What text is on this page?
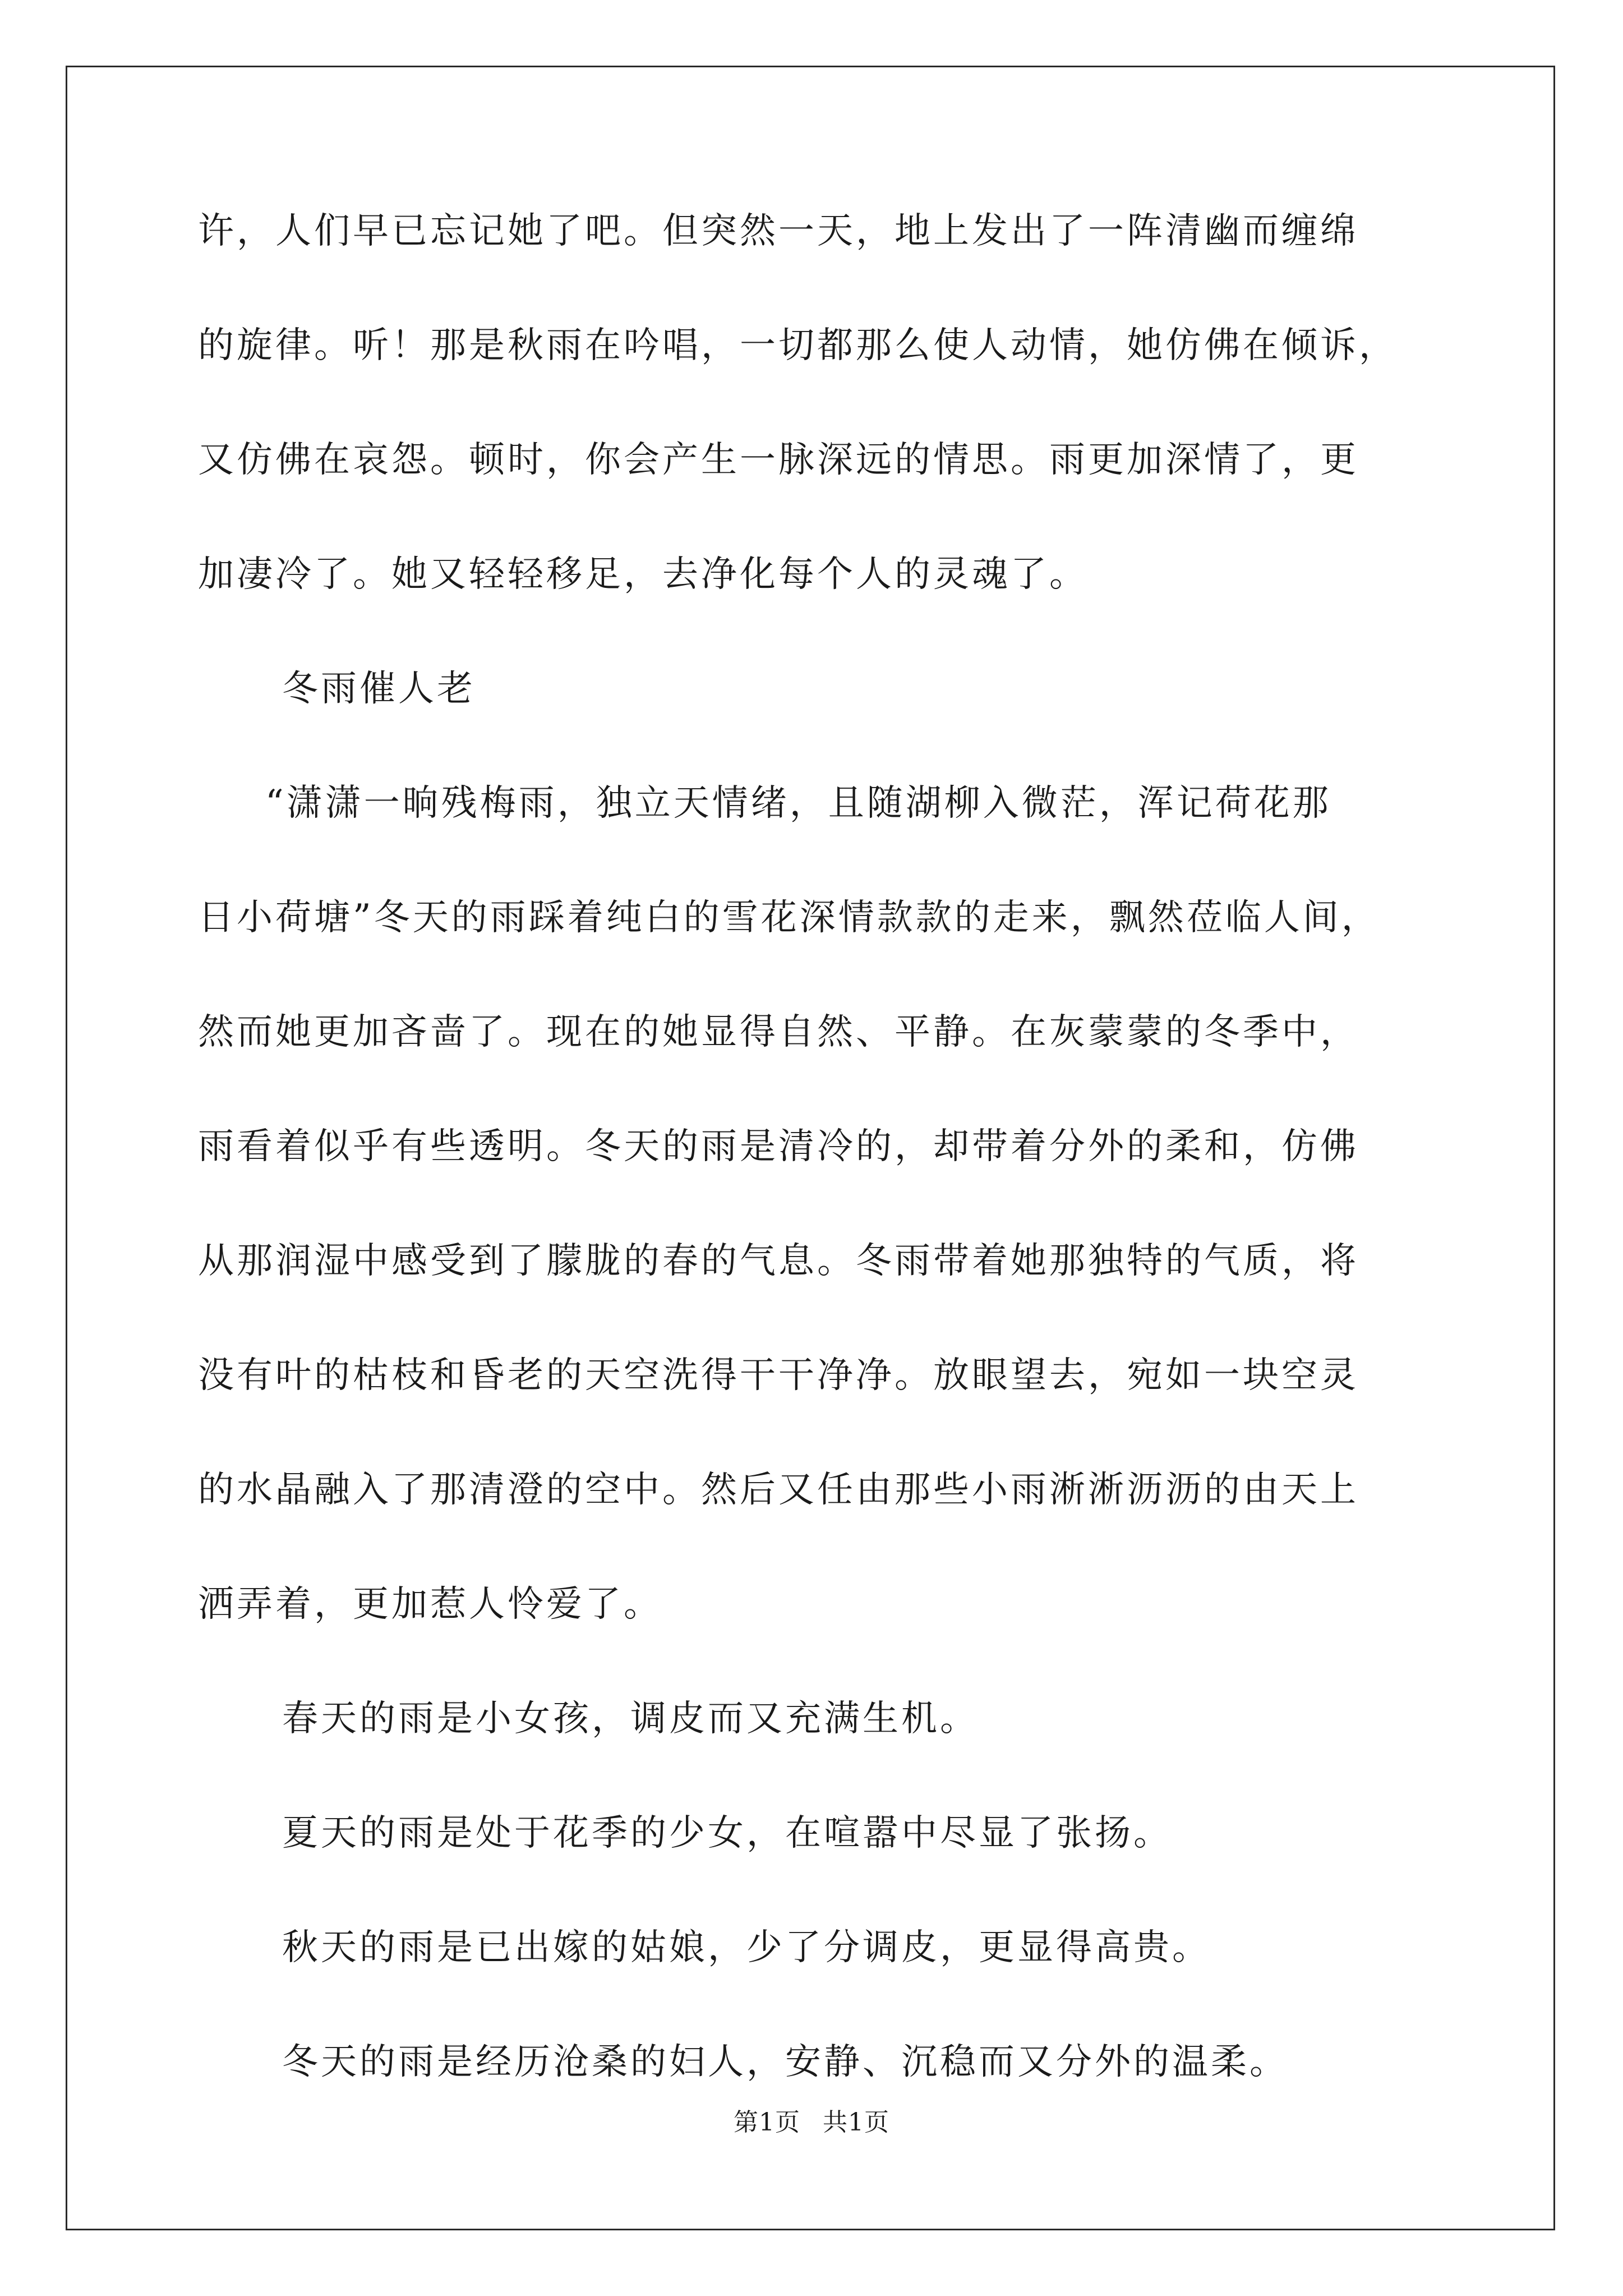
许，人们早已忘记她了吧。但突然一天，地上发出了一阵清幽而缠绵

的旋律。听！那是秋雨在吟唱，一切都那么使人动情，她仿佛在倾诉，

又仿佛在哀怨。顿时，你会产生一脉深远的情思。雨更加深情了，更

加凄冷了。她又轻轻移足，去净化每个人的灵魂了。

冬雨催人老

“潇潇一晌残梅雨，独立天情绪，且随湖柳入微茫，浑记荷花那

日小荷塘”冬天的雨踩着纯白的雪花深情款款的走来，飘然莅临人间，

然而她更加吝啬了。现在的她显得自然、平静。在灰蒙蒙的冬季中，

雨看着似乎有些透明。冬天的雨是清冷的，却带着分外的柔和，仿佛

从那润湿中感受到了朦胧的春的气息。冬雨带着她那独特的气质，将

没有叶的枯枝和昏老的天空洗得干干净净。放眼望去，宛如一块空灵

的水晶融入了那清澄的空中。然后又任由那些小雨淅淅沥沥的由天上

洒弄着，更加惹人怜爱了。

春天的雨是小女孩，调皮而又充满生机。

夏天的雨是处于花季的少女，在喧嚣中尽显了张扬。

秋天的雨是已出嫁的姑娘，少了分调皮，更显得高贵。

冬天的雨是经历沧桑的妇人，安静、沉稳而又分外的温柔。

第1页 共1页
